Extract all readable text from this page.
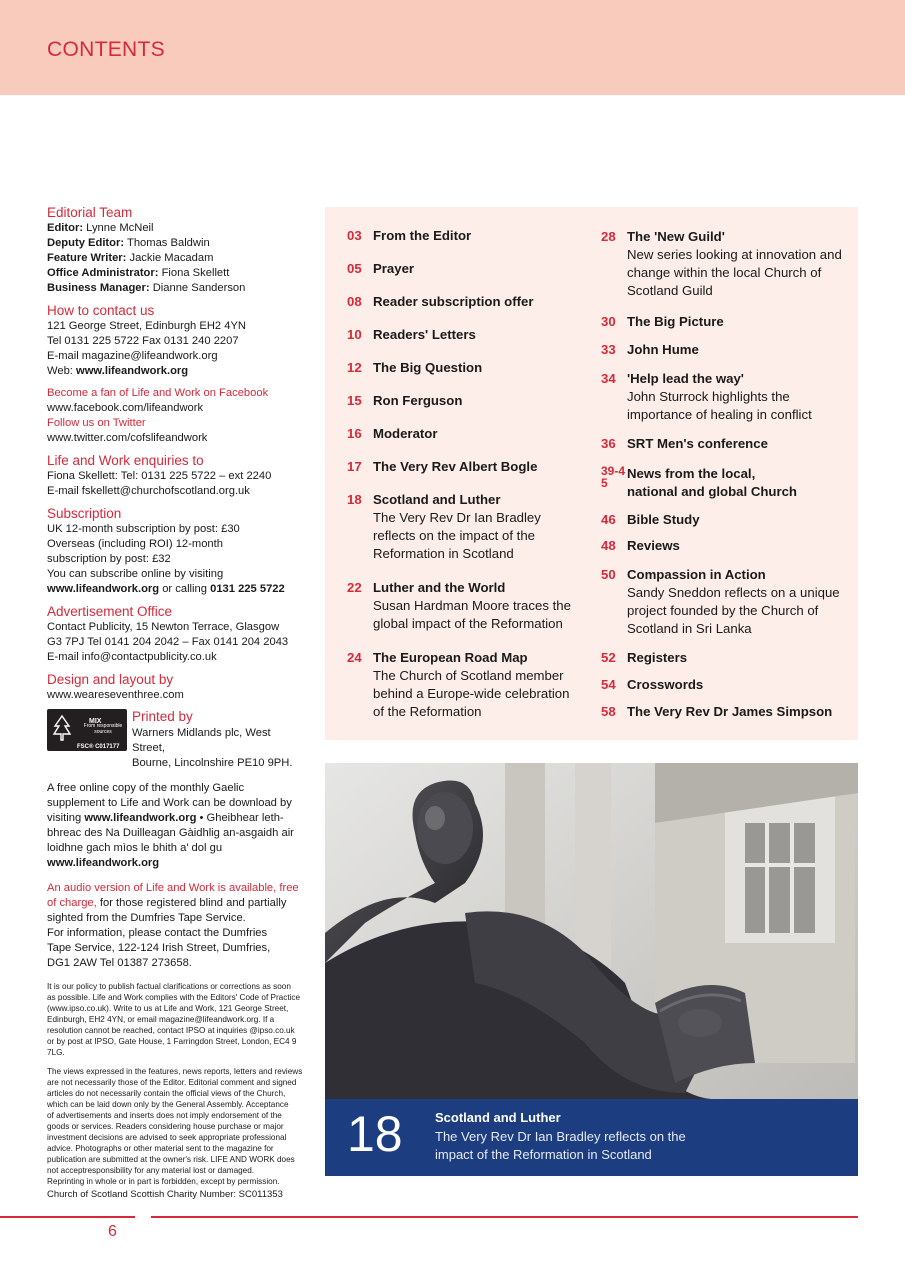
CONTENTS
Editorial Team

Editor: Lynne McNeil

Deputy Editor: Thomas Baldwin

Feature Writer: Jackie Macadam

Office Administrator: Fiona Skellett

Business Manager: Dianne Sanderson

How to contact us

121 George Street, Edinburgh EH2 4YN

Tel 0131 225 5722 Fax 0131 240 2207

E-mail magazine@lifeandwork.org

Web: www.lifeandwork.org

Become a fan of Life and Work on Facebook

www.facebook.com/lifeandwork

Follow us on Twitter

www.twitter.com/cofslifeandwork

Life and Work enquiries to

Fiona Skellett: Tel: 0131 225 5722 – ext 2240

E-mail fskellett@churchofscotland.org.uk

Subscription

UK 12-month subscription by post: £30

Overseas (including ROI) 12-month

subscription by post: £32

You can subscribe online by visiting

www.lifeandwork.org or calling 0131 225 5722

Advertisement Office

Contact Publicity, 15 Newton Terrace, Glasgow

G3 7PJ Tel 0141 204 2042 – Fax 0141 204 2043

E-mail info@contactpublicity.co.uk

Design and layout by

www.weareseventhree.com

MIX
From responsible sources
FSC® C017177
Printed by

Warners Midlands plc, West Street,

Bourne, Lincolnshire PE10 9PH.

A free online copy of the monthly Gaelic

supplement to Life and Work can be download by

visiting www.lifeandwork.org • Gheibhear leth-

bhreac des Na Duilleagan Gàidhlig an-asgaidh air

loidhne gach mìos le bhith a' dol gu

www.lifeandwork.org

An audio version of Life and Work is available, free

of charge, for those registered blind and partially

sighted from the Dumfries Tape Service.

For information, please contact the Dumfries

Tape Service, 122-124 Irish Street, Dumfries,

DG1 2AW Tel 01387 273658.

It is our policy to publish factual clarifications or corrections as soon

as possible. Life and Work complies with the Editors' Code of Practice

(www.ipso.co.uk). Write to us at Life and Work, 121 George Street,

Edinburgh, EH2 4YN, or email magazine@lifeandwork.org. If a

resolution cannot be reached, contact IPSO at inquiries @ipso.co.uk

or by post at IPSO, Gate House, 1 Farringdon Street, London, EC4 9 7LG.

The views expressed in the features, news reports, letters and reviews

are not necessarily those of the Editor. Editorial comment and signed

articles do not necessarily contain the official views of the Church,

which can be laid down only by the General Assembly. Acceptance

of advertisements and inserts does not imply endorsement of the

goods or services. Readers considering house purchase or major

investment decisions are advised to seek appropriate professional

advice. Photographs or other material sent to the magazine for

publication are submitted at the owner's risk. LIFE AND WORK does

not acceptresponsibility for any material lost or damaged.

Reprinting in whole or in part is forbidden, except by permission.

Church of Scotland Scottish Charity Number: SC011353

03 From the Editor
05 Prayer
08 Reader subscription offer
10 Readers' Letters
12 The Big Question
15 Ron Ferguson
16 Moderator
17 The Very Rev Albert Bogle
18 Scotland and Luther
The Very Rev Dr Ian Bradley reflects on the impact of the Reformation in Scotland
22 Luther and the World
Susan Hardman Moore traces the global impact of the Reformation
24 The European Road Map
The Church of Scotland member behind a Europe-wide celebration of the Reformation
28 The 'New Guild'
New series looking at innovation and change within the local Church of Scotland Guild
30 The Big Picture
33 John Hume
34 'Help lead the way'
John Sturrock highlights the importance of healing in conflict
36 SRT Men's conference
39-45
News from the local, national and global Church
46 Bible Study
48 Reviews
50 Compassion in Action
Sandy Sneddon reflects on a unique project founded by the Church of Scotland in Sri Lanka
52 Registers
54 Crosswords
58 The Very Rev Dr James Simpson
18 Scotland and Luther
The Very Rev Dr Ian Bradley reflects on the impact of the Reformation in Scotland
6
